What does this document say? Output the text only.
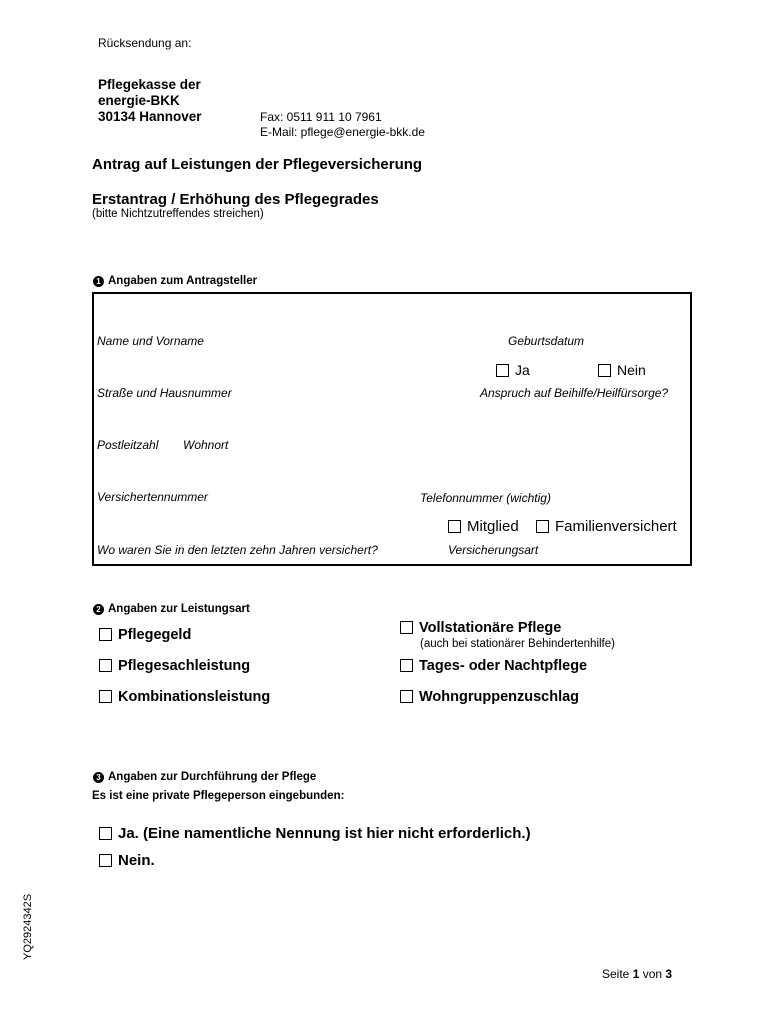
Rücksendung an:
Pflegekasse der
energie-BKK
30134 Hannover	Fax: 0511 911 10 7961
E-Mail: pflege@energie-bkk.de
Antrag auf Leistungen der Pflegeversicherung
Erstantrag / Erhöhung des Pflegegrades
(bitte Nichtzutreffendes streichen)
1 Angaben zum Antragsteller
Name und Vorname	Geburtsdatum
Ja	Nein
Straße und Hausnummer	Anspruch auf Beihilfe/Heilfürsorge?
Postleitzahl Wohnort
Versichertennummer	Telefonnummer (wichtig)
Mitglied	Familienversichert
Wo waren Sie in den letzten zehn Jahren versichert?	Versicherungsart
2 Angaben zur Leistungsart
Pflegegeld
Pflegesachleistung
Kombinationsleistung
Vollstationäre Pflege
(auch bei stationärer Behindertenhilfe)
Tages- oder Nachtpflege
Wohngruppenzuschlag
3 Angaben zur Durchführung der Pflege
Es ist eine private Pflegeperson eingebunden:
Ja. (Eine namentliche Nennung ist hier nicht erforderlich.)
Nein.
YQ2924342S
Seite 1 von 3
